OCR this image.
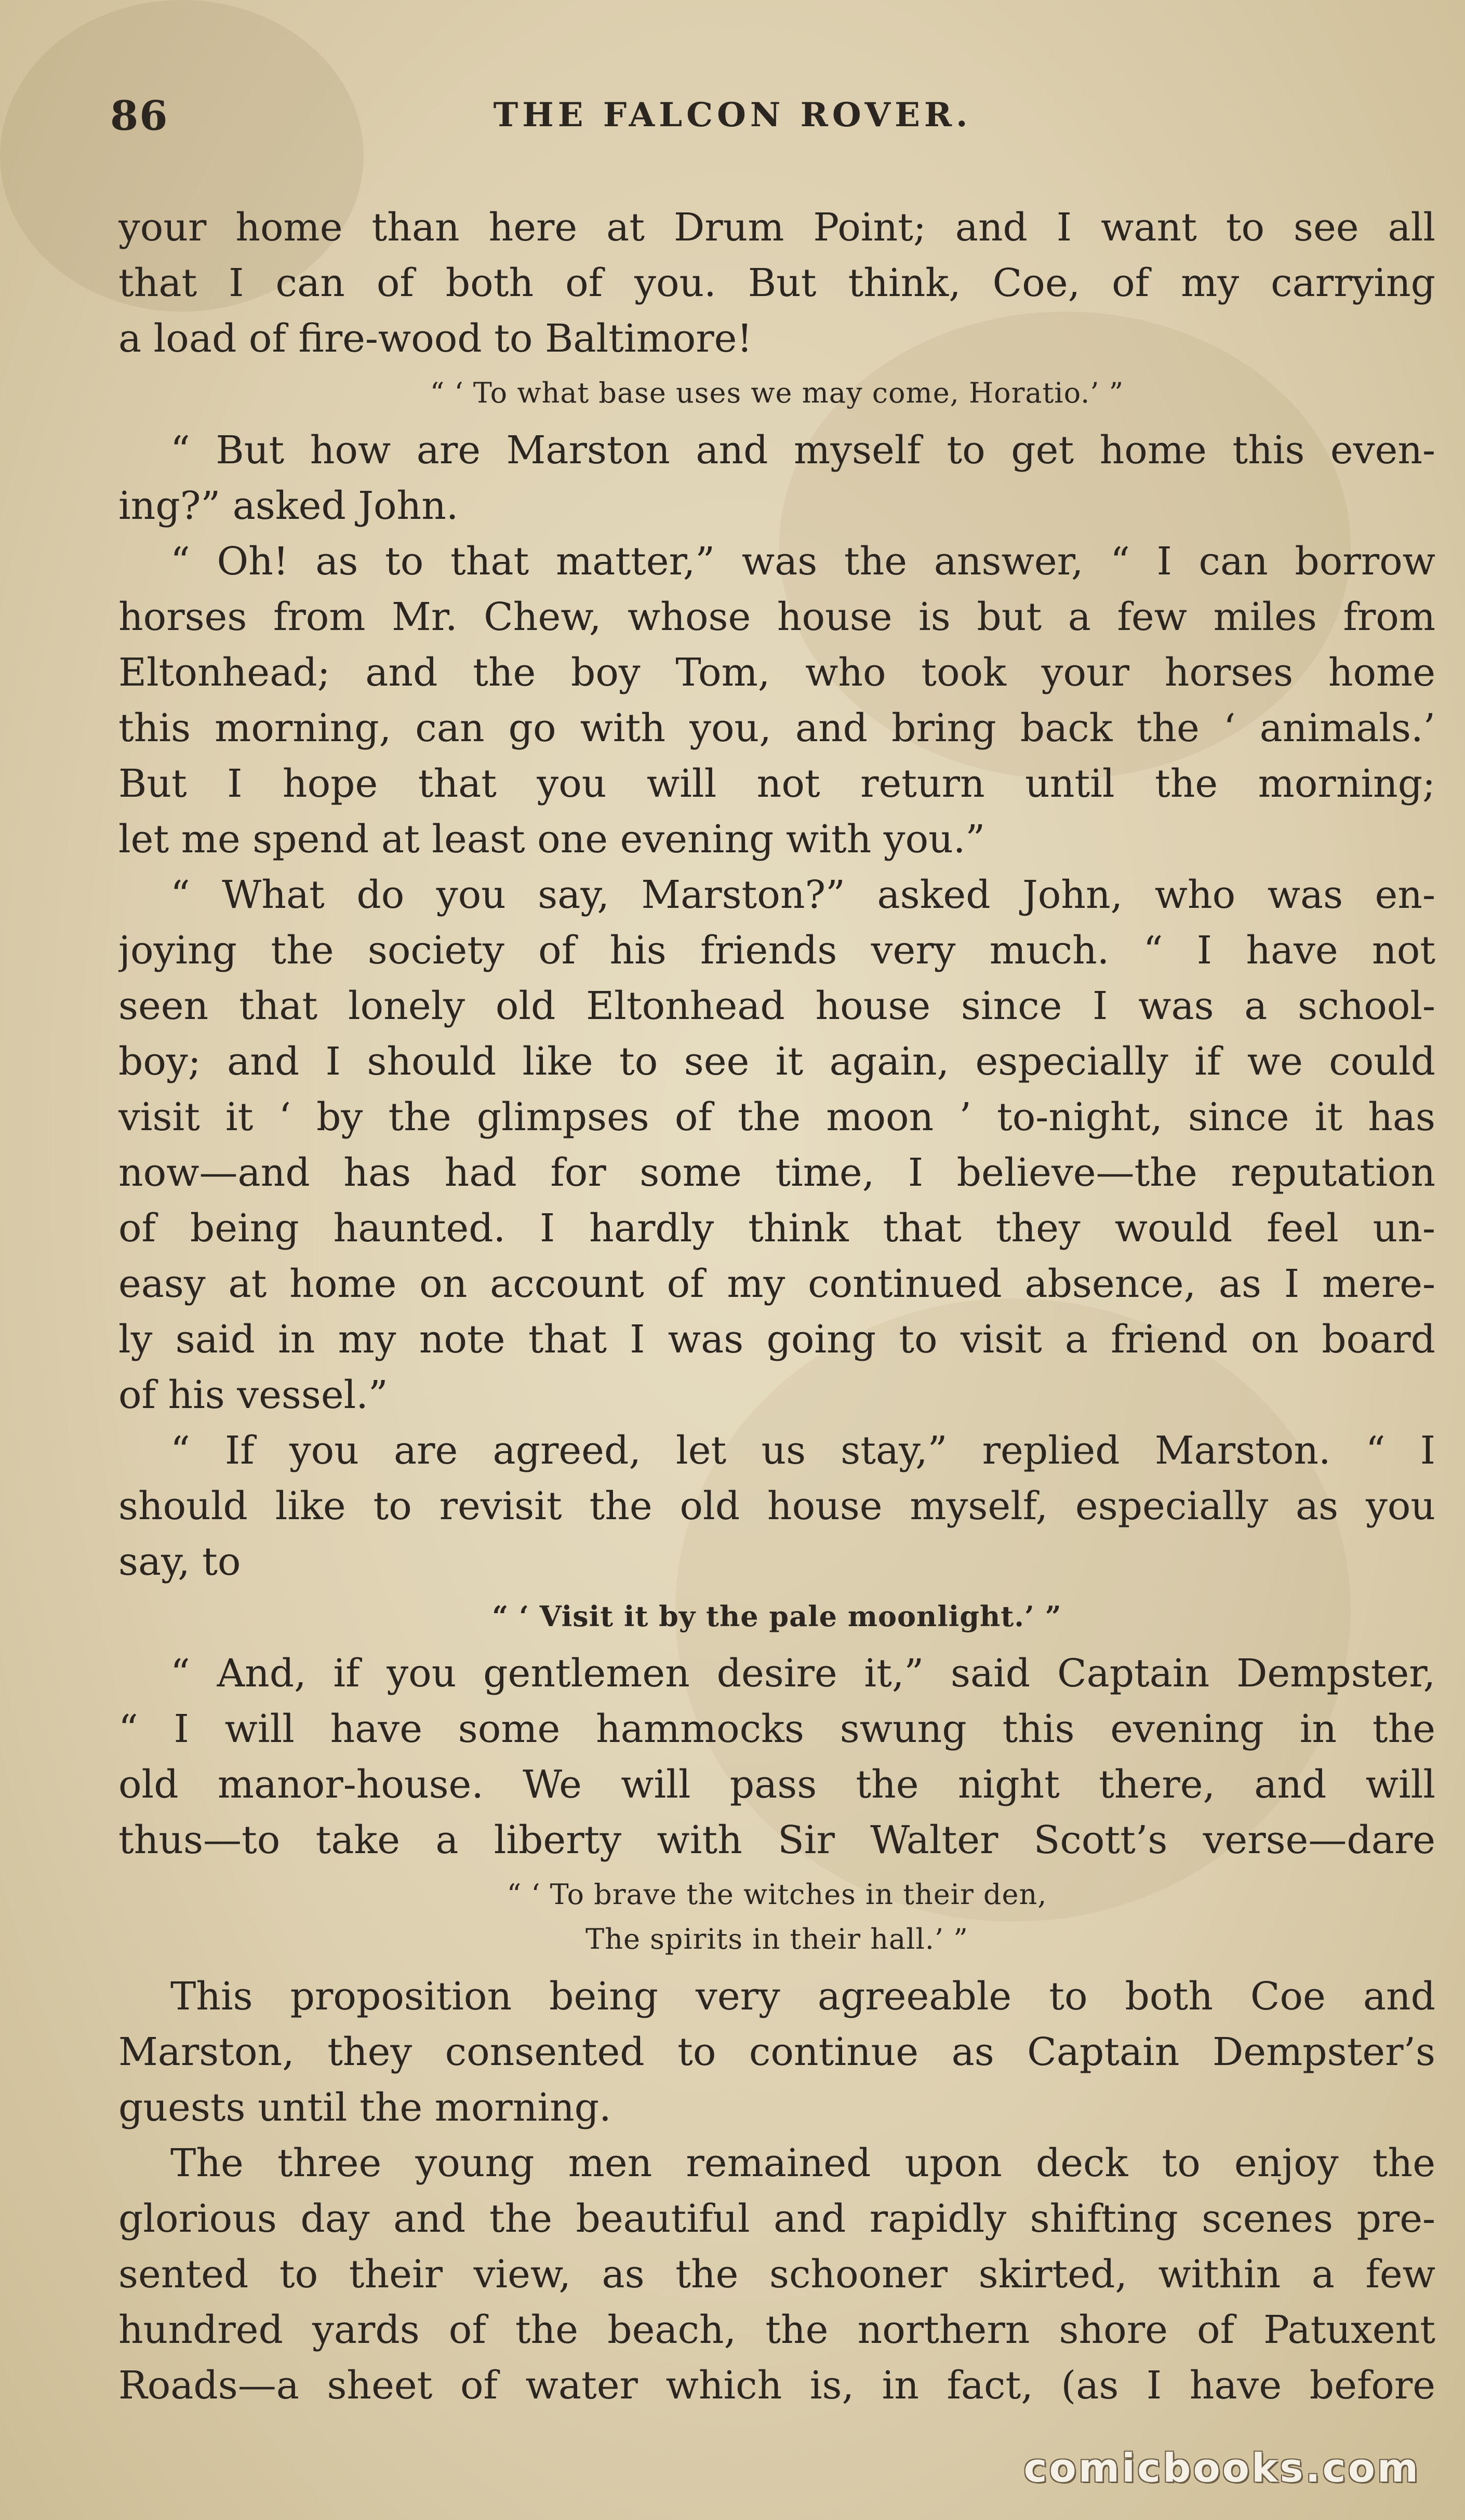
86	THE FALCON ROVER.
your home than here at Drum Point; and I want to see all
that I can of both of you. But think, Coe, of my carrying
a load of fire-wood to Baltimore!
“ ‘ To what base uses we may come, Horatio.’ ”
“ But how are Marston and myself to get home this even-
ing?” asked John.
“ Oh! as to that matter,” was the answer, “ I can borrow
horses from Mr. Chew, whose house is but a few miles from
Eltonhead; and the boy Tom, who took your horses home
this morning, can go with you, and bring back the ‘ animals.’
But I hope that you will not return until the morning;
let me spend at least one evening with you.”
“ What do you say, Marston?” asked John, who was en-
joying the society of his friends very much. “ I have not
seen that lonely old Eltonhead house since I was a school-
boy; and I should like to see it again, especially if we could
visit it ‘ by the glimpses of the moon ’ to-night, since it has
now—and has had for some time, I believe—the reputation
of being haunted. I hardly think that they would feel un-
easy at home on account of my continued absence, as I mere-
ly said in my note that I was going to visit a friend on board
of his vessel.”
“ If you are agreed, let us stay,” replied Marston. “ I
should like to revisit the old house myself, especially as you
say, to
“ ‘ Visit it by the pale moonlight.’ ”
“ And, if you gentlemen desire it,” said Captain Dempster,
“ I will have some hammocks swung this evening in the
old manor-house. We will pass the night there, and will
thus—to take a liberty with Sir Walter Scott’s verse—dare
“ ‘ To brave the witches in their den,
The spirits in their hall.’ ”
This proposition being very agreeable to both Coe and
Marston, they consented to continue as Captain Dempster’s
guests until the morning.
The three young men remained upon deck to enjoy the
glorious day and the beautiful and rapidly shifting scenes pre-
sented to their view, as the schooner skirted, within a few
hundred yards of the beach, the northern shore of Patuxent
Roads—a sheet of water which is, in fact, (as I have before
comicbooks.com
